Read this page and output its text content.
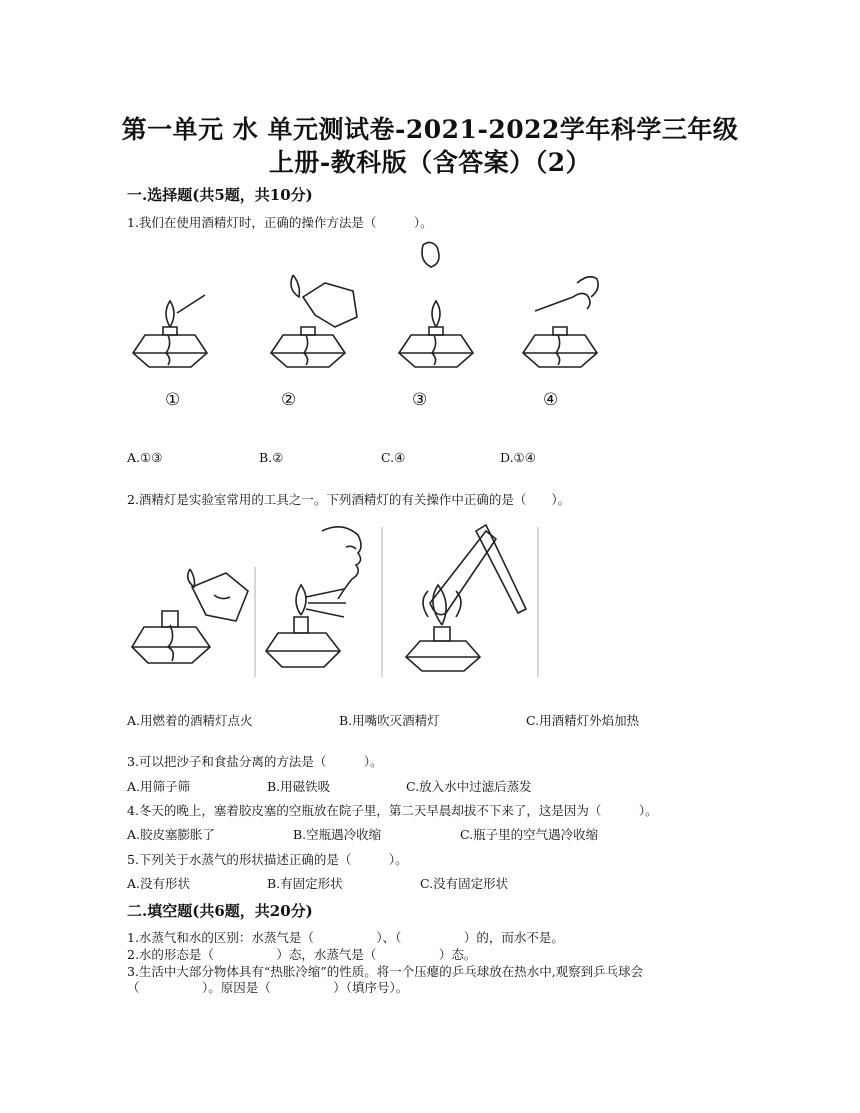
第一单元 水 单元测试卷-2021-2022学年科学三年级
上册-教科版（含答案）（2）
一.选择题(共5题，共10分)
1.我们在使用酒精灯时，正确的操作方法是（　　　）。
①	②	③	④
A.①③	B.②	C.④	D.①④
2.酒精灯是实验室常用的工具之一。下列酒精灯的有关操作中正确的是（　　）。
A.用燃着的酒精灯点火	B.用嘴吹灭酒精灯	C.用酒精灯外焰加热
3.可以把沙子和食盐分离的方法是（　　　）。
A.用筛子筛	B.用磁铁吸	C.放入水中过滤后蒸发
4.冬天的晚上，塞着胶皮塞的空瓶放在院子里，第二天早晨却拔不下来了，这是因为（　　　）。
A.胶皮塞膨胀了	B.空瓶遇冷收缩	C.瓶子里的空气遇冷收缩
5.下列关于水蒸气的形状描述正确的是（　　　）。
A.没有形状	B.有固定形状	C.没有固定形状
二.填空题(共6题，共20分)
1.水蒸气和水的区别：水蒸气是（　　　　　）、（　　　　　）的，而水不是。
2.水的形态是（　　　　　）态，水蒸气是（　　　　　）态。
3.生活中大部分物体具有“热胀冷缩”的性质。将一个压瘪的乒乓球放在热水中,观察到乒乓球会
（　　　　　）。原因是（　　　　　）（填序号）。
